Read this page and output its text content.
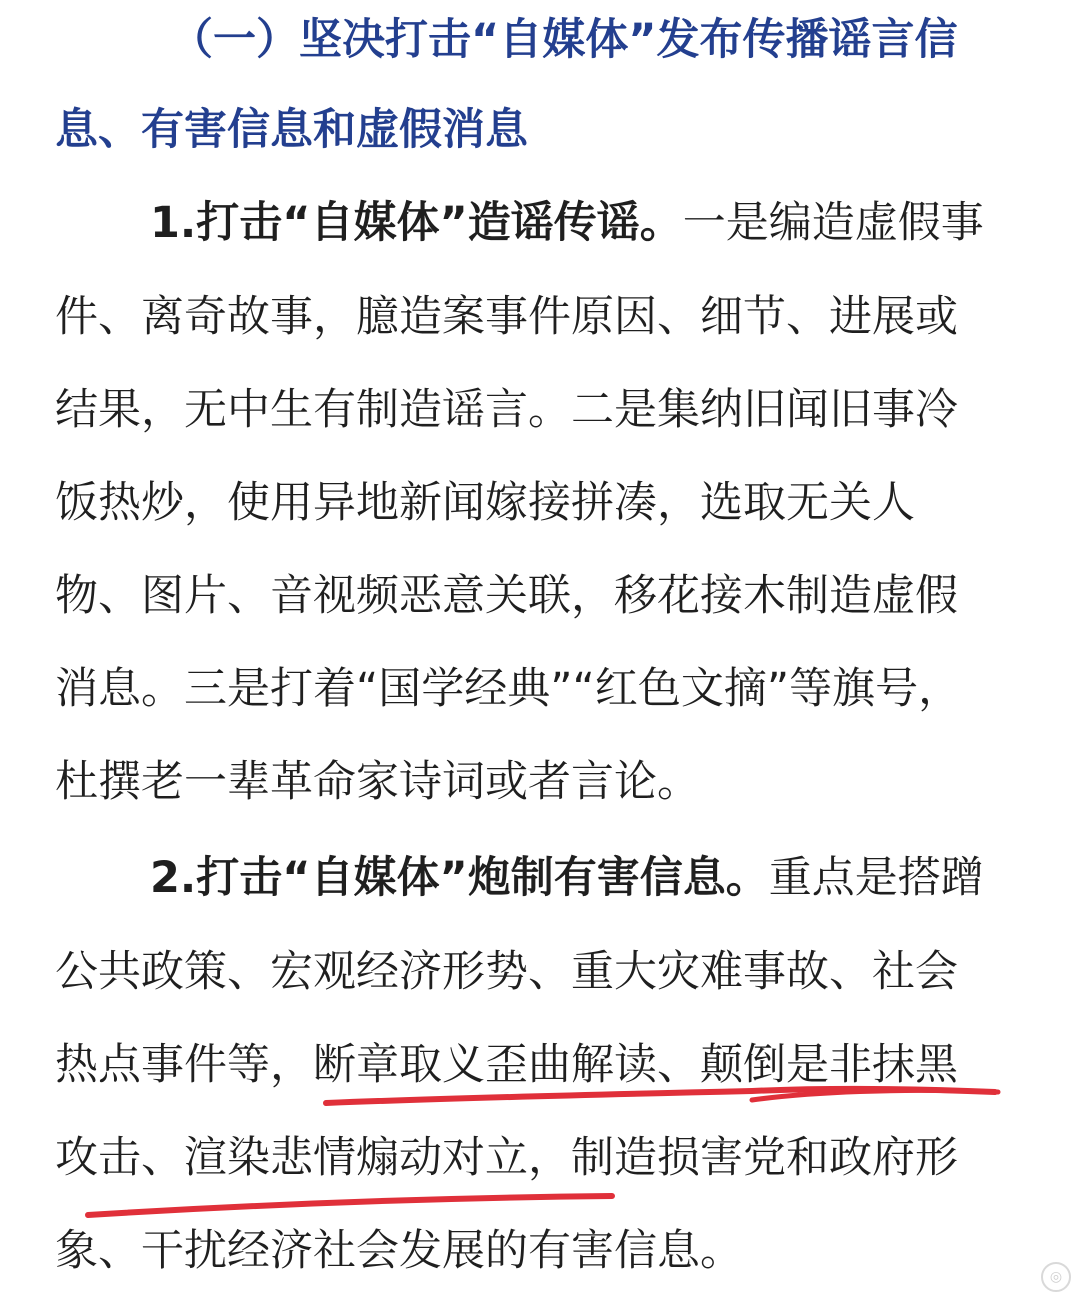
（一）坚决打击“自媒体”发布传播谣言信
息、有害信息和虚假消息
1.打击“自媒体”造谣传谣。一是编造虚假事
件、离奇故事，臆造案事件原因、细节、进展或
结果，无中生有制造谣言。二是集纳旧闻旧事冷
饭热炒，使用异地新闻嫁接拼凑，选取无关人
物、图片、音视频恶意关联，移花接木制造虚假
消息。三是打着“国学经典”“红色文摘”等旗号，
杜撰老一辈革命家诗词或者言论。
2.打击“自媒体”炮制有害信息。重点是搭蹭
公共政策、宏观经济形势、重大灾难事故、社会
热点事件等，断章取义歪曲解读、颠倒是非抹黑
攻击、渲染悲情煽动对立，制造损害党和政府形
象、干扰经济社会发展的有害信息。
◎
